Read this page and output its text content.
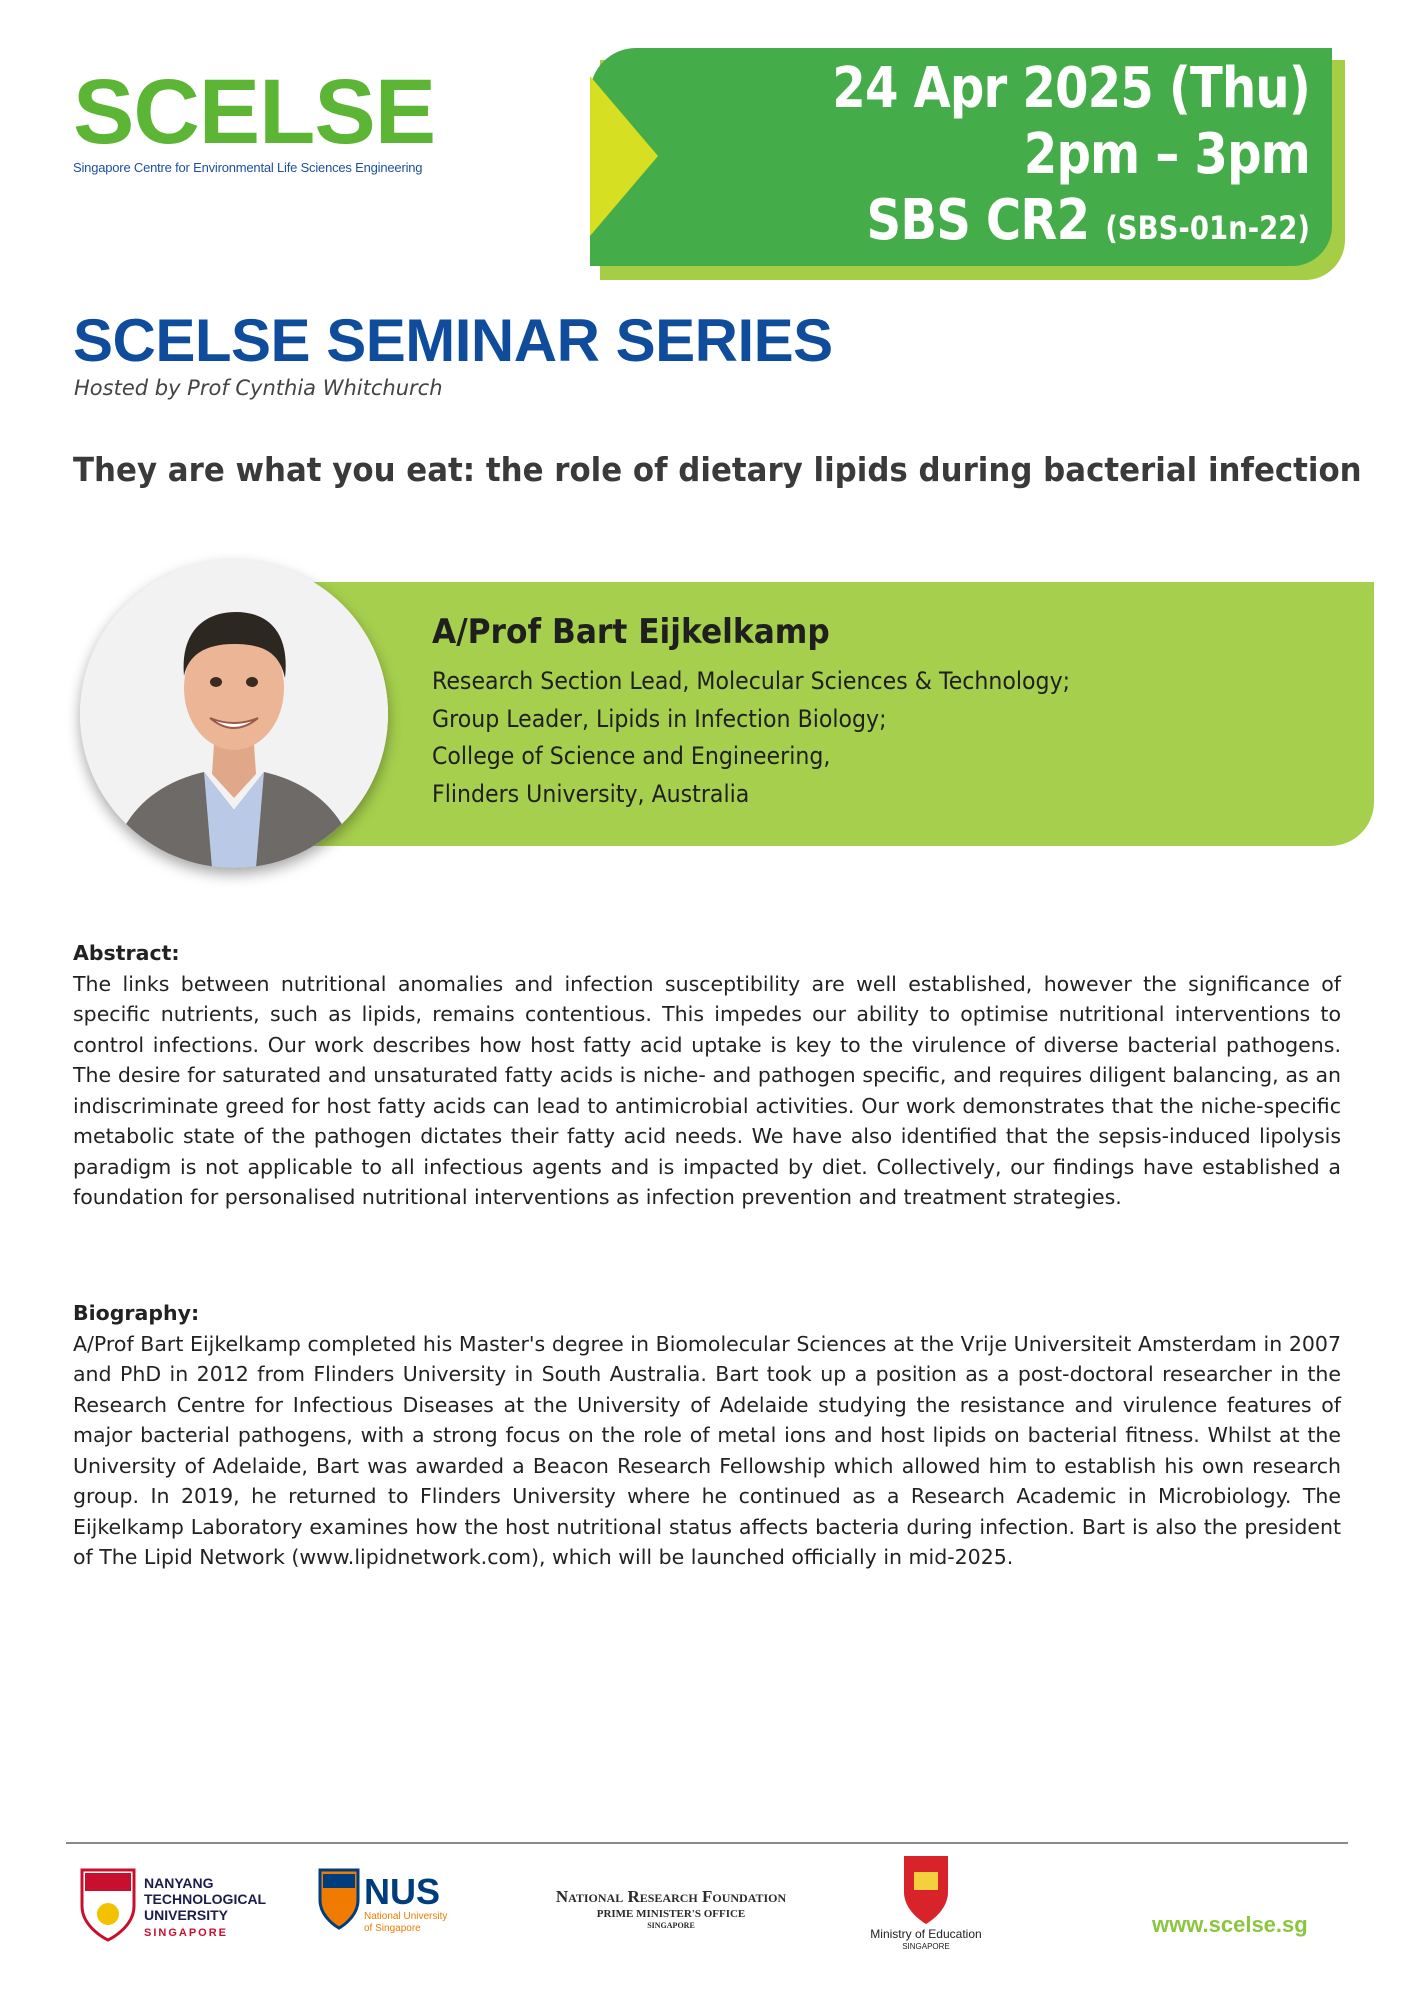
SCELSE
Singapore Centre for Environmental Life Sciences Engineering
24 Apr 2025 (Thu)
2pm – 3pm
SBS CR2 (SBS-01n-22)
SCELSE SEMINAR SERIES
Hosted by Prof Cynthia Whitchurch
They are what you eat: the role of dietary lipids during bacterial infection
A/Prof Bart Eijkelkamp
Research Section Lead, Molecular Sciences & Technology;
Group Leader, Lipids in Infection Biology;
College of Science and Engineering,
Flinders University, Australia
Abstract:

The links between nutritional anomalies and infection susceptibility are well established, however the significance of specific nutrients, such as lipids, remains contentious. This impedes our ability to optimise nutritional interventions to control infections. Our work describes how host fatty acid uptake is key to the virulence of diverse bacterial pathogens. The desire for saturated and unsaturated fatty acids is niche- and pathogen specific, and requires diligent balancing, as an indiscriminate greed for host fatty acids can lead to antimicrobial activities. Our work demonstrates that the niche-specific metabolic state of the pathogen dictates their fatty acid needs. We have also identified that the sepsis-induced lipolysis paradigm is not applicable to all infectious agents and is impacted by diet. Collectively, our findings have established a foundation for personalised nutritional interventions as infection prevention and treatment strategies.

Biography:

A/Prof Bart Eijkelkamp completed his Master's degree in Biomolecular Sciences at the Vrije Universiteit Amsterdam in 2007 and PhD in 2012 from Flinders University in South Australia. Bart took up a position as a post-doctoral researcher in the Research Centre for Infectious Diseases at the University of Adelaide studying the resistance and virulence features of major bacterial pathogens, with a strong focus on the role of metal ions and host lipids on bacterial fitness. Whilst at the University of Adelaide, Bart was awarded a Beacon Research Fellowship which allowed him to establish his own research group. In 2019, he returned to Flinders University where he continued as a Research Academic in Microbiology. The Eijkelkamp Laboratory examines how the host nutritional status affects bacteria during infection. Bart is also the president of The Lipid Network (www.lipidnetwork.com), which will be launched officially in mid-2025.

NANYANG
TECHNOLOGICAL
UNIVERSITY
SINGAPORE
NUS
National University
of Singapore
National Research Foundation
PRIME MINISTER'S OFFICE
SINGAPORE
Ministry of Education
SINGAPORE
www.scelse.sg
